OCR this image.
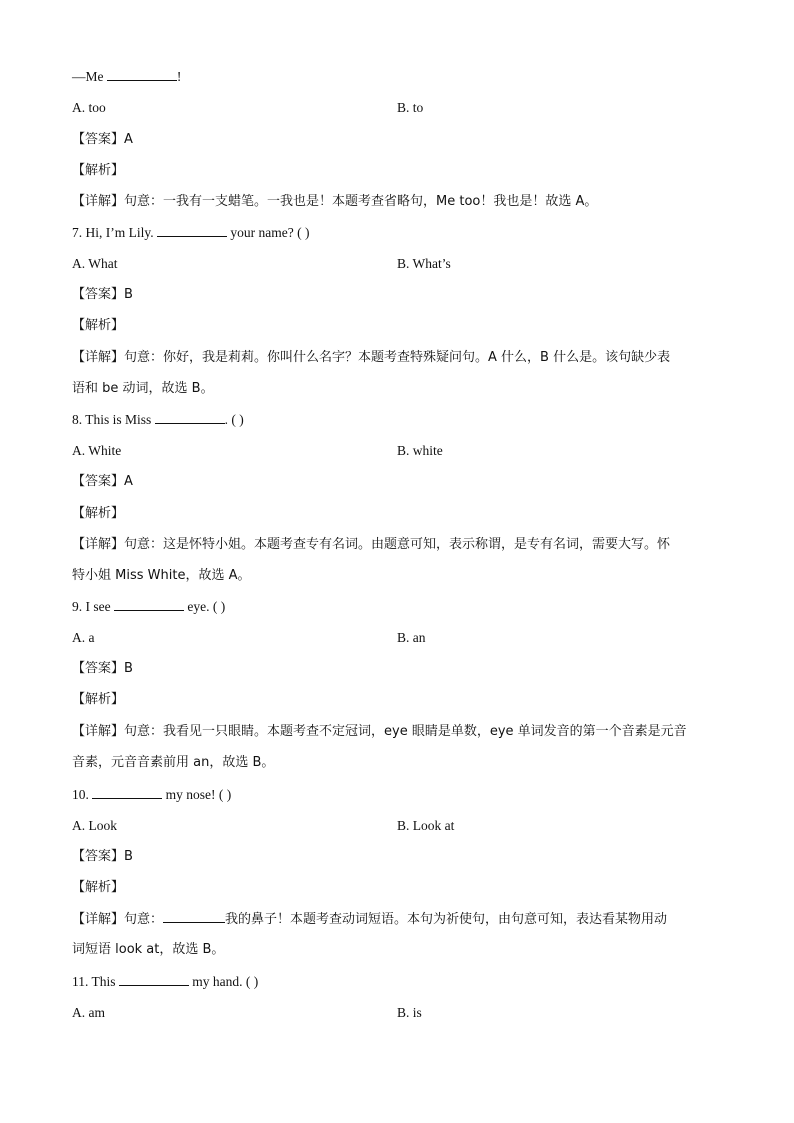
—Me	!
A. too	B. to
【答案】A
【解析】
【详解】句意：一我有一支蜡笔。一我也是！本题考查省略句，Me too！我也是！故选 A。
7. Hi, I’m Lily.	your name? ( )
A. What	B. What’s
【答案】B
【解析】
【详解】句意：你好，我是莉莉。你叫什么名字？本题考查特殊疑问句。A 什么，B 什么是。该句缺少表
语和 be 动词，故选 B。
8. This is Miss	. ( )
A. White	B. white
【答案】A
【解析】
【详解】句意：这是怀特小姐。本题考查专有名词。由题意可知，表示称谓，是专有名词，需要大写。怀
特小姐 Miss White，故选 A。
9. I see	eye. ( )
A. a	B. an
【答案】B
【解析】
【详解】句意：我看见一只眼睛。本题考查不定冠词，eye 眼睛是单数，eye 单词发音的第一个音素是元音
音素，元音音素前用 an，故选 B。
10.	my nose! ( )
A. Look	B. Look at
【答案】B
【解析】
【详解】句意：	我的鼻子！本题考查动词短语。本句为祈使句，由句意可知，表达看某物用动
词短语 look at，故选 B。
11. This	my hand. ( )
A. am	B. is
